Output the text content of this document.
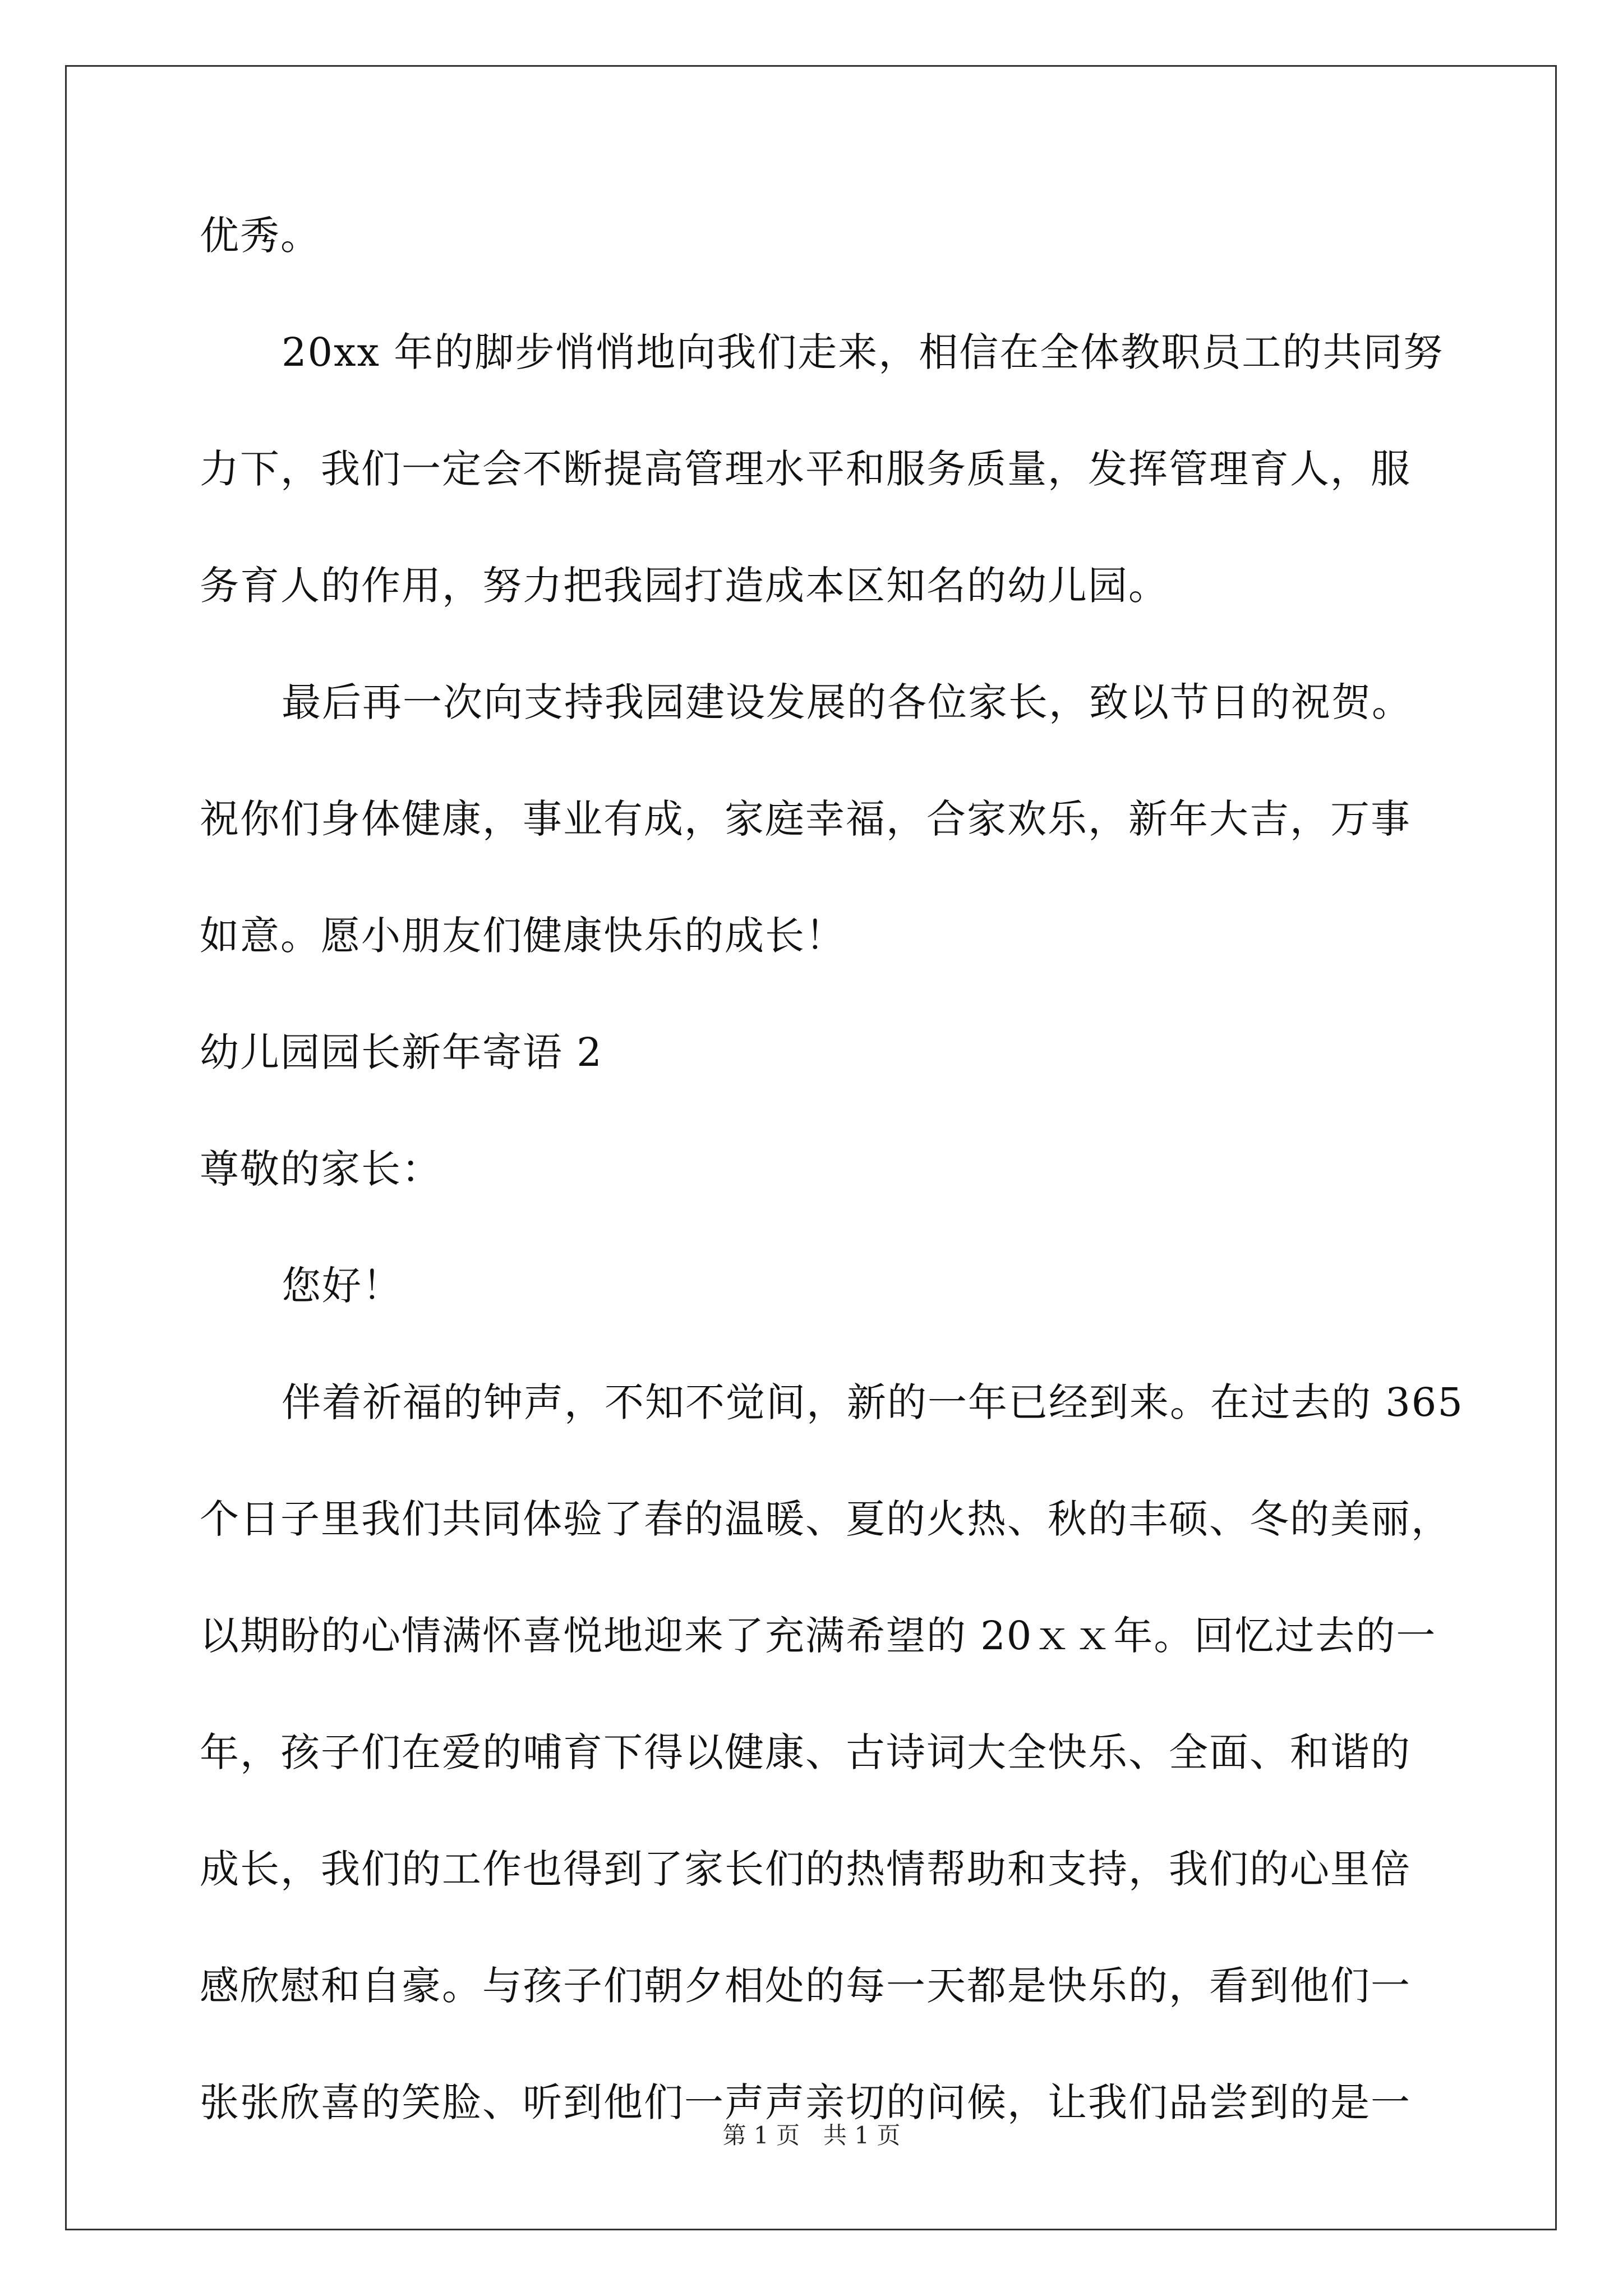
优秀。
20xx 年的脚步悄悄地向我们走来，相信在全体教职员工的共同努
力下，我们一定会不断提高管理水平和服务质量，发挥管理育人，服
务育人的作用，努力把我园打造成本区知名的幼儿园。
最后再一次向支持我园建设发展的各位家长，致以节日的祝贺。
祝你们身体健康，事业有成，家庭幸福，合家欢乐，新年大吉，万事
如意。愿小朋友们健康快乐的成长！
幼儿园园长新年寄语 2
尊敬的家长：
您好！
伴着祈福的钟声，不知不觉间，新的一年已经到来。在过去的 365
个日子里我们共同体验了春的温暖、夏的火热、秋的丰硕、冬的美丽，
以期盼的心情满怀喜悦地迎来了充满希望的 20ｘｘ年。回忆过去的一
年，孩子们在爱的哺育下得以健康、古诗词大全快乐、全面、和谐的
成长，我们的工作也得到了家长们的热情帮助和支持，我们的心里倍
感欣慰和自豪。与孩子们朝夕相处的每一天都是快乐的，看到他们一
张张欣喜的笑脸、听到他们一声声亲切的问候，让我们品尝到的是一
第 1 页 共 1 页
